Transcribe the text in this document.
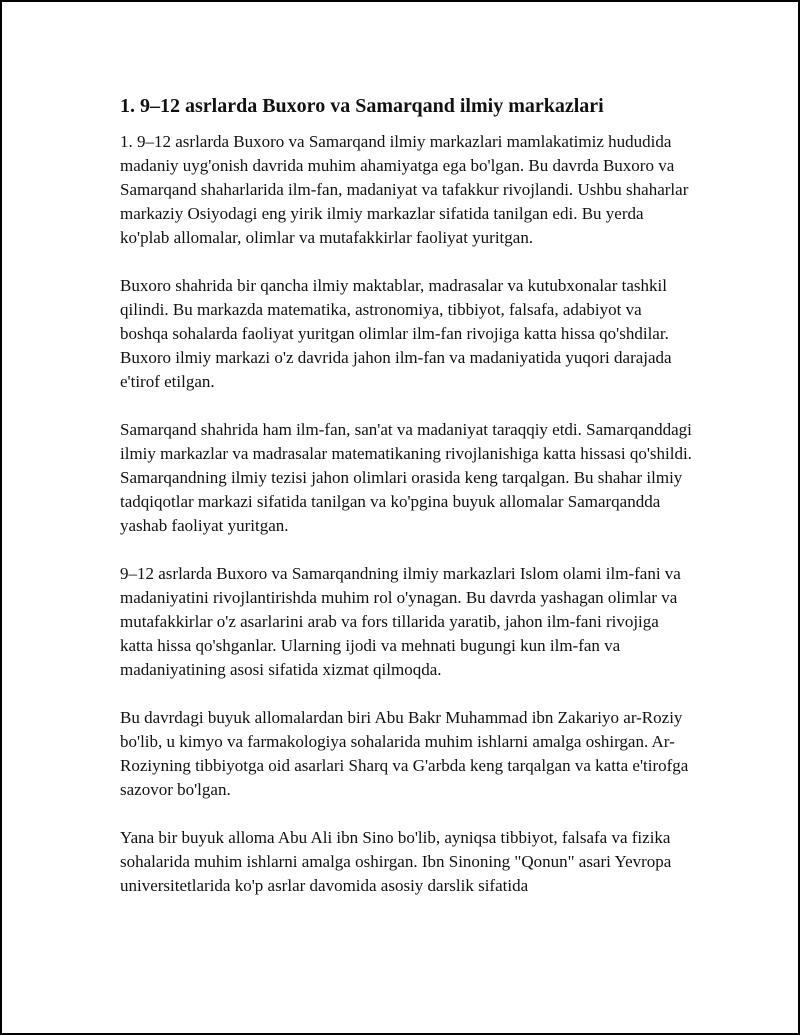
1. 9–12 asrlarda Buxoro va Samarqand ilmiy markazlari

1. 9–12 asrlarda Buxoro va Samarqand ilmiy markazlari mamlakatimiz hududida madaniy uyg'onish davrida muhim ahamiyatga ega bo'lgan. Bu davrda Buxoro va Samarqand shaharlarida ilm-fan, madaniyat va tafakkur rivojlandi. Ushbu shaharlar markaziy Osiyodagi eng yirik ilmiy markazlar sifatida tanilgan edi. Bu yerda ko'plab allomalar, olimlar va mutafakkirlar faoliyat yuritgan.

Buxoro shahrida bir qancha ilmiy maktablar, madrasalar va kutubxonalar tashkil qilindi. Bu markazda matematika, astronomiya, tibbiyot, falsafa, adabiyot va boshqa sohalarda faoliyat yuritgan olimlar ilm-fan rivojiga katta hissa qo'shdilar. Buxoro ilmiy markazi o'z davrida jahon ilm-fan va madaniyatida yuqori darajada e'tirof etilgan.

Samarqand shahrida ham ilm-fan, san'at va madaniyat taraqqiy etdi. Samarqanddagi ilmiy markazlar va madrasalar matematikaning rivojlanishiga katta hissasi qo'shildi. Samarqandning ilmiy tezisi jahon olimlari orasida keng tarqalgan. Bu shahar ilmiy tadqiqotlar markazi sifatida tanilgan va ko'pgina buyuk allomalar Samarqandda yashab faoliyat yuritgan.

9–12 asrlarda Buxoro va Samarqandning ilmiy markazlari Islom olami ilm-fani va madaniyatini rivojlantirishda muhim rol o'ynagan. Bu davrda yashagan olimlar va mutafakkirlar o'z asarlarini arab va fors tillarida yaratib, jahon ilm-fani rivojiga katta hissa qo'shganlar. Ularning ijodi va mehnati bugungi kun ilm-fan va madaniyatining asosi sifatida xizmat qilmoqda.

Bu davrdagi buyuk allomalardan biri Abu Bakr Muhammad ibn Zakariyo ar-Roziy bo'lib, u kimyo va farmakologiya sohalarida muhim ishlarni amalga oshirgan. Ar-Roziyning tibbiyotga oid asarlari Sharq va G'arbda keng tarqalgan va katta e'tirofga sazovor bo'lgan.

Yana bir buyuk alloma Abu Ali ibn Sino bo'lib, ayniqsa tibbiyot, falsafa va fizika sohalarida muhim ishlarni amalga oshirgan. Ibn Sinoning "Qonun" asari Yevropa universitetlarida ko'p asrlar davomida asosiy darslik sifatida
